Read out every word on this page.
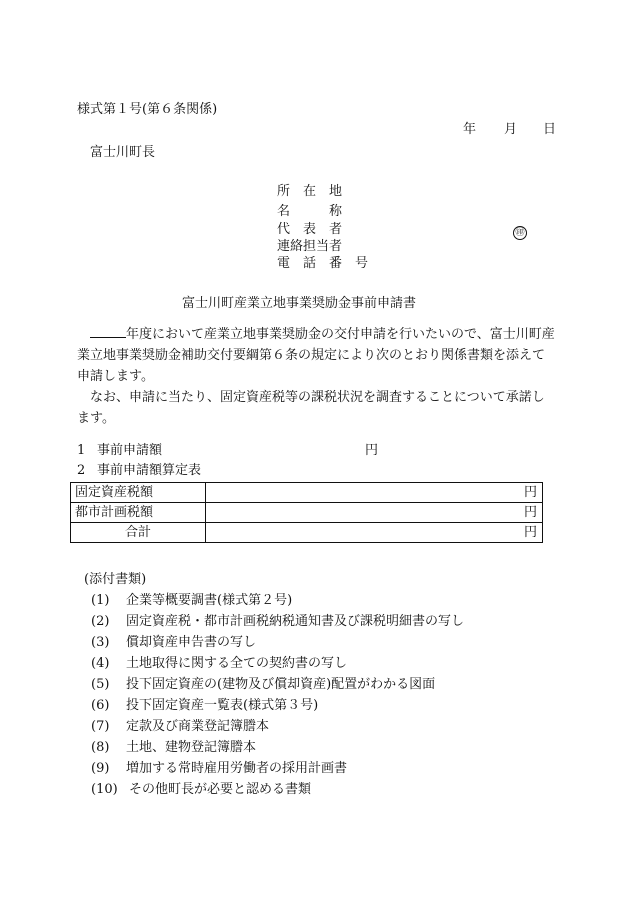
様式第１号(第６条関係)
年 月 日
富士川町長
所　在　地
名　　　称
代　表　者
連絡担当者
電　話　番　号
㊞
富士川町産業立地事業奨励金事前申請書
年度において産業立地事業奨励金の交付申請を行いたいので、富士川町産業立地事業奨励金補助交付要綱第６条の規定により次のとおり関係書類を添えて申請します。
なお、申請に当たり、固定資産税等の課税状況を調査することについて承諾します。
1 事前申請額	円
2 事前申請額算定表
固定資産税額	円
都市計画税額	円
合計	円
(添付書類)
(1) 企業等概要調書(様式第２号)
(2) 固定資産税・都市計画税納税通知書及び課税明細書の写し
(3) 償却資産申告書の写し
(4) 土地取得に関する全ての契約書の写し
(5) 投下固定資産の(建物及び償却資産)配置がわかる図面
(6) 投下固定資産一覧表(様式第３号)
(7) 定款及び商業登記簿謄本
(8) 土地、建物登記簿謄本
(9) 増加する常時雇用労働者の採用計画書
(10) その他町長が必要と認める書類
